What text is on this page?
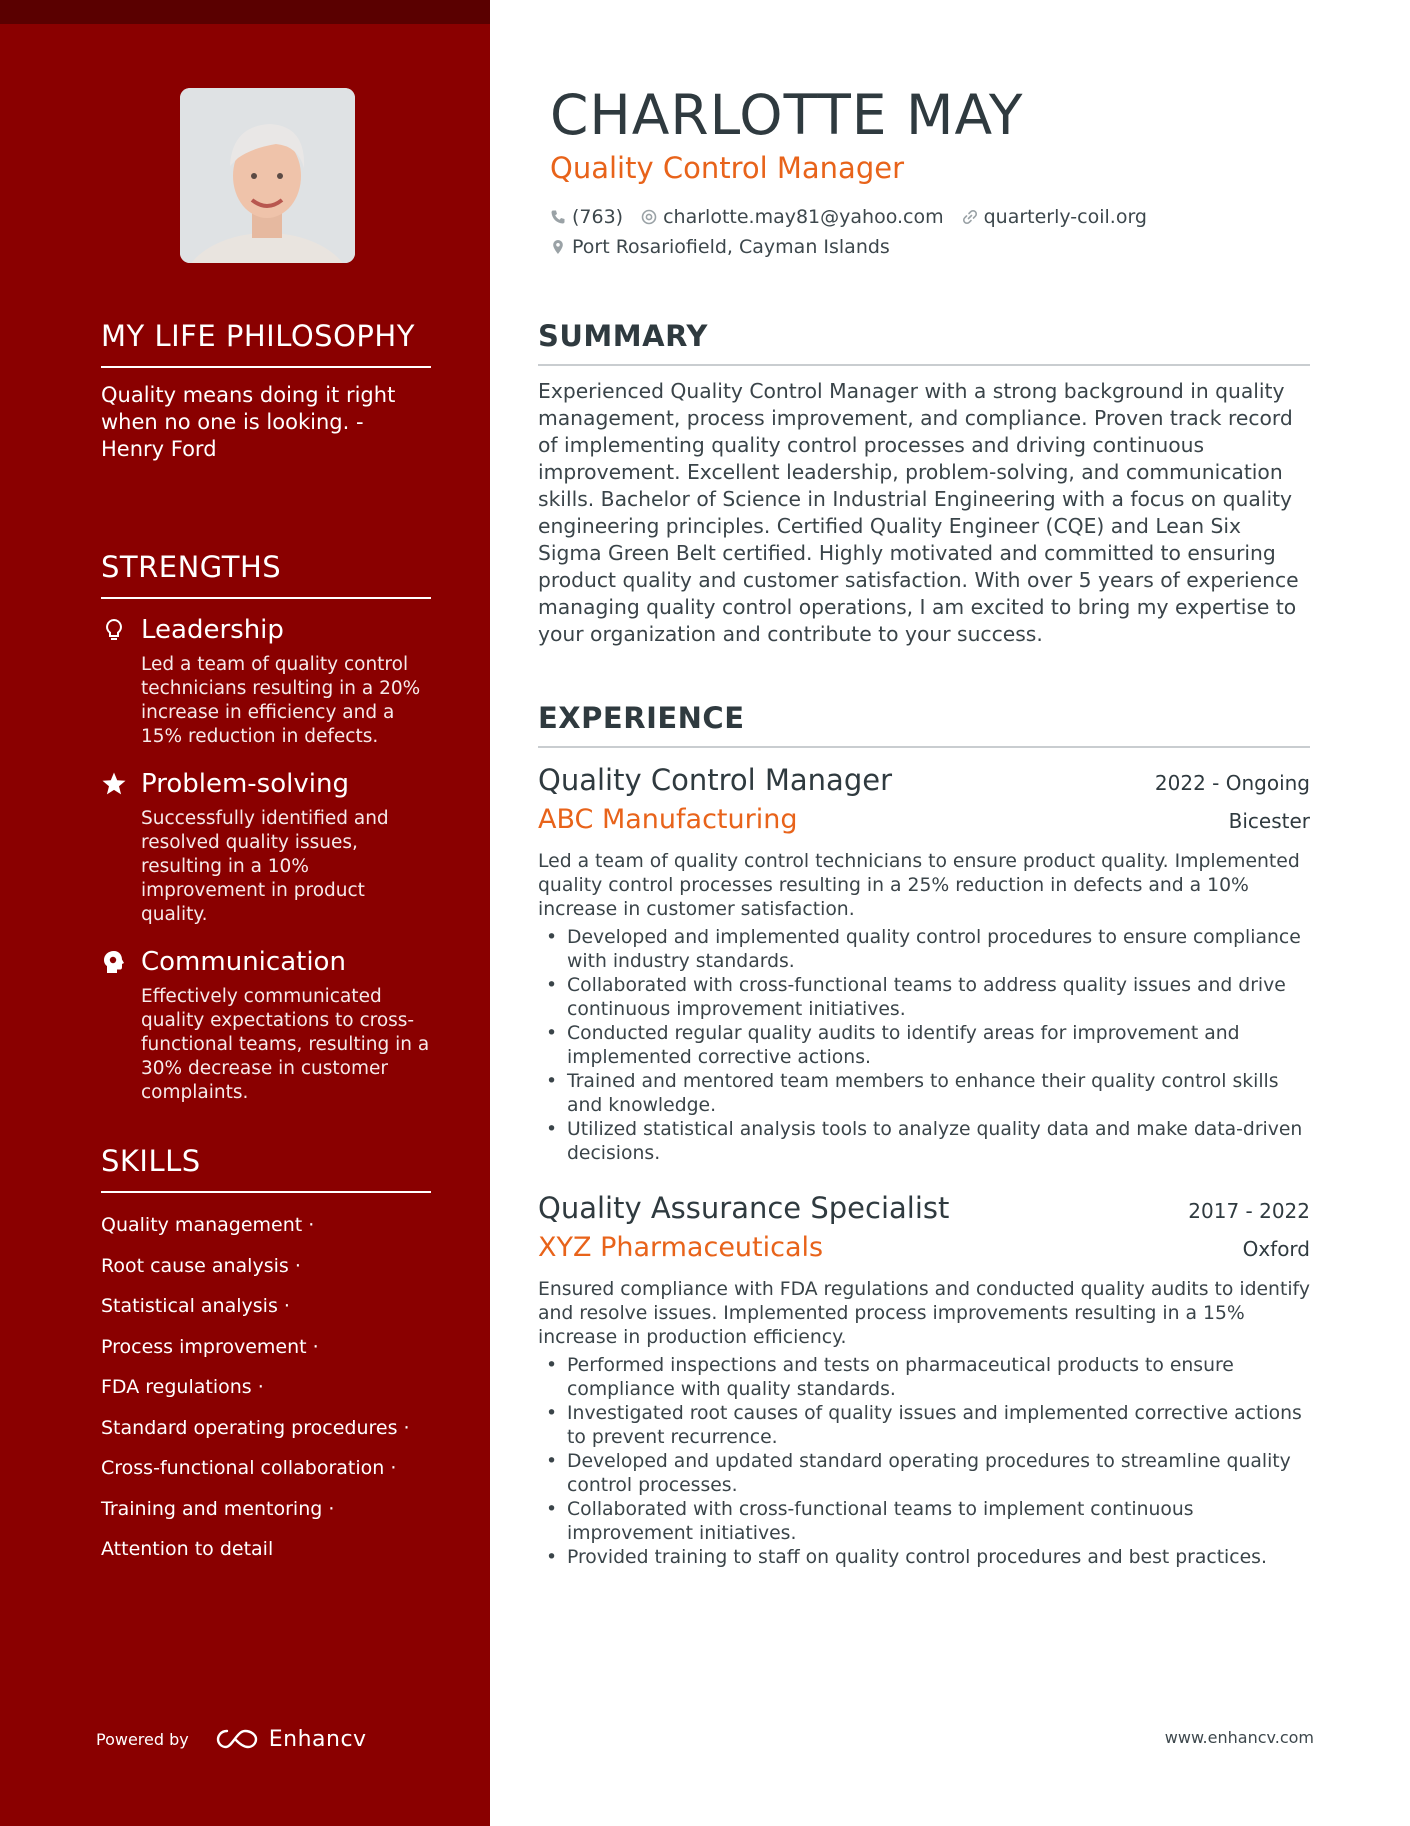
MY LIFE PHILOSOPHY

Quality means doing it right when no one is looking. - Henry Ford

STRENGTHS
Leadership
Led a team of quality control technicians resulting in a 20% increase in efficiency and a 15% reduction in defects.
Problem-solving
Successfully identified and resolved quality issues, resulting in a 10% improvement in product quality.
Communication
Effectively communicated quality expectations to cross-functional teams, resulting in a 30% decrease in customer complaints.
SKILLS
Quality management ·
Root cause analysis ·
Statistical analysis ·
Process improvement ·
FDA regulations ·
Standard operating procedures ·
Cross-functional collaboration ·
Training and mentoring ·
Attention to detail
Powered by	Enhancv
CHARLOTTE MAY
Quality Control Manager
(763) charlotte.may81@yahoo.com quarterly-coil.org
Port Rosariofield, Cayman Islands
SUMMARY

Experienced Quality Control Manager with a strong background in quality management, process improvement, and compliance. Proven track record of implementing quality control processes and driving continuous improvement. Excellent leadership, problem-solving, and communication skills. Bachelor of Science in Industrial Engineering with a focus on quality engineering principles. Certified Quality Engineer (CQE) and Lean Six Sigma Green Belt certified. Highly motivated and committed to ensuring product quality and customer satisfaction. With over 5 years of experience managing quality control operations, I am excited to bring my expertise to your organization and contribute to your success.

EXPERIENCE
Quality Control Manager	2022 - Ongoing
ABC Manufacturing	Bicester

Led a team of quality control technicians to ensure product quality. Implemented quality control processes resulting in a 25% reduction in defects and a 10% increase in customer satisfaction.

• Developed and implemented quality control procedures to ensure compliance with industry standards.
• Collaborated with cross-functional teams to address quality issues and drive continuous improvement initiatives.
• Conducted regular quality audits to identify areas for improvement and implemented corrective actions.
• Trained and mentored team members to enhance their quality control skills and knowledge.
• Utilized statistical analysis tools to analyze quality data and make data-driven decisions.
Quality Assurance Specialist	2017 - 2022
XYZ Pharmaceuticals	Oxford

Ensured compliance with FDA regulations and conducted quality audits to identify and resolve issues. Implemented process improvements resulting in a 15% increase in production efficiency.

• Performed inspections and tests on pharmaceutical products to ensure compliance with quality standards.
• Investigated root causes of quality issues and implemented corrective actions to prevent recurrence.
• Developed and updated standard operating procedures to streamline quality control processes.
• Collaborated with cross-functional teams to implement continuous improvement initiatives.
• Provided training to staff on quality control procedures and best practices.
www.enhancv.com
